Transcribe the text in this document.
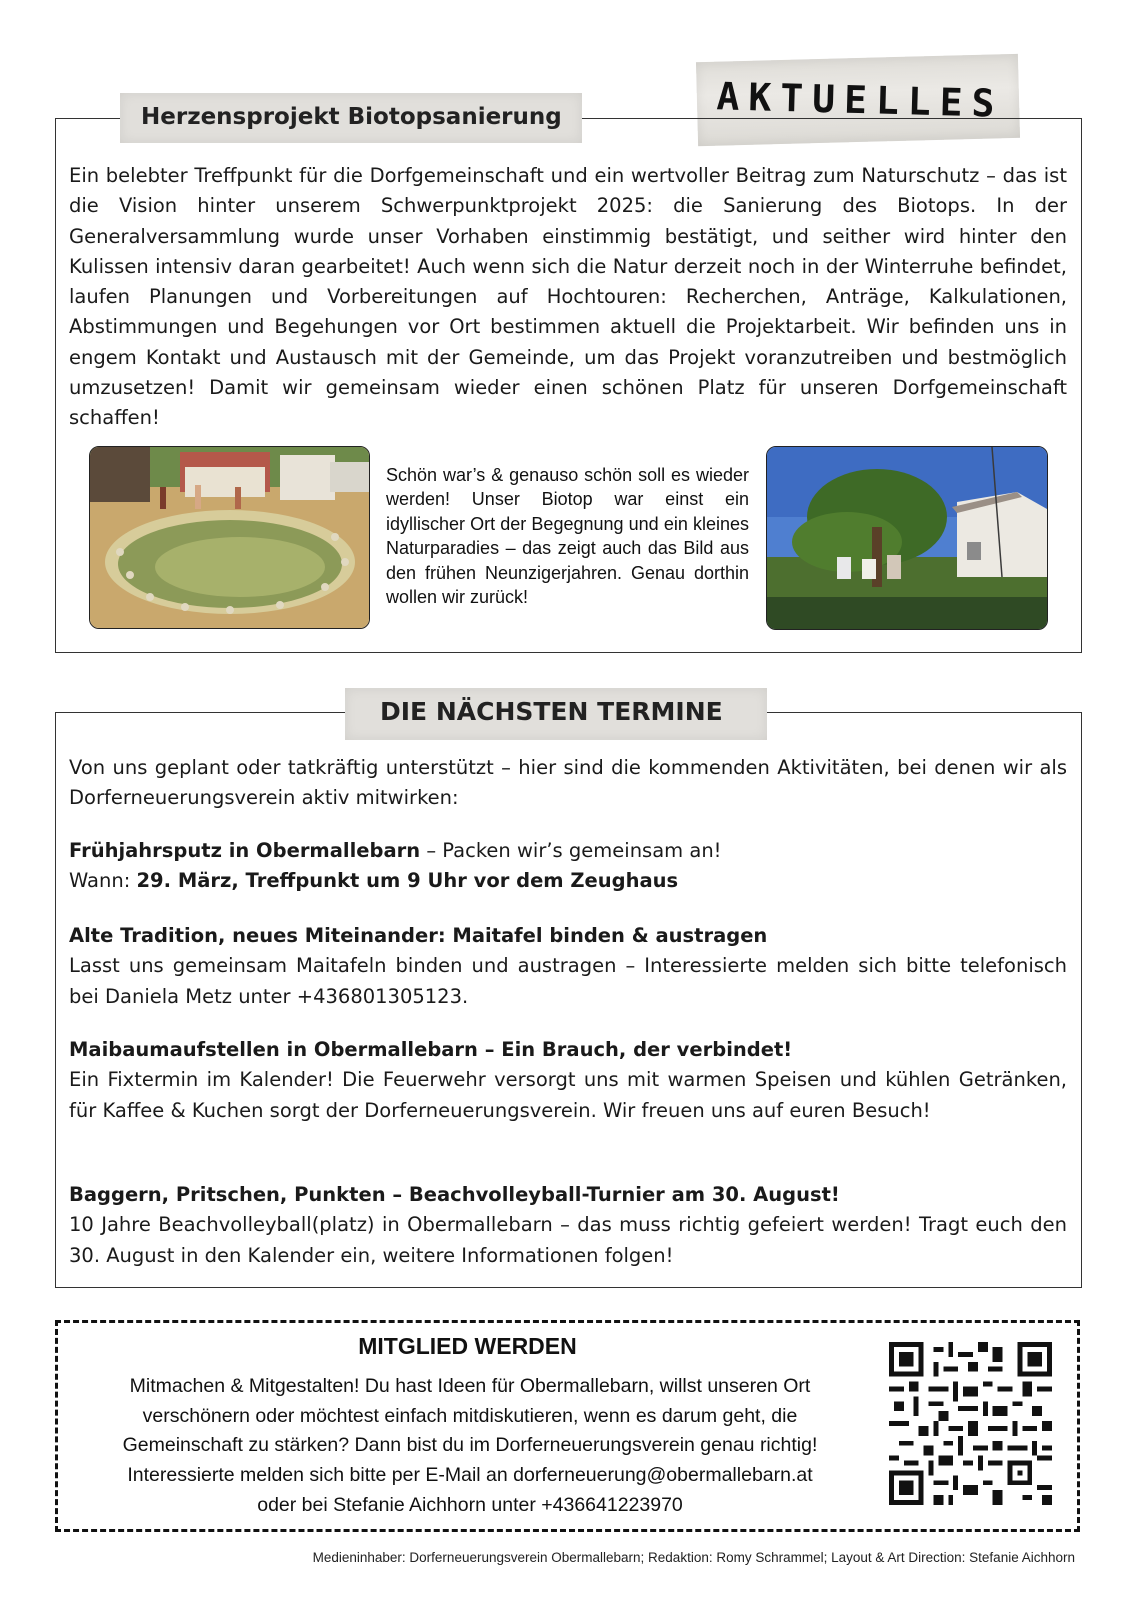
AKTUELLES
Herzensprojekt Biotopsanierung
Ein belebter Treffpunkt für die Dorfgemeinschaft und ein wertvoller Beitrag zum Naturschutz – das ist die Vision hinter unserem Schwerpunktprojekt 2025: die Sanierung des Biotops. In der Generalversammlung wurde unser Vorhaben einstimmig bestätigt, und seither wird hinter den Kulissen intensiv daran gearbeitet! Auch wenn sich die Natur derzeit noch in der Winterruhe befindet, laufen Planungen und Vorbereitungen auf Hochtouren: Recherchen, Anträge, Kalkulationen, Abstimmungen und Begehungen vor Ort bestimmen aktuell die Projektarbeit. Wir befinden uns in engem Kontakt und Austausch mit der Gemeinde, um das Projekt voranzutreiben und bestmöglich umzusetzen! Damit wir gemeinsam wieder einen schönen Platz für unseren Dorfgemeinschaft schaffen!
Schön war’s & genauso schön soll es wieder werden! Unser Biotop war einst ein idyllischer Ort der Begegnung und ein kleines Naturparadies – das zeigt auch das Bild aus den frühen Neunzigerjahren. Genau dorthin wollen wir zurück!
DIE NÄCHSTEN TERMINE
Von uns geplant oder tatkräftig unterstützt – hier sind die kommenden Aktivitäten, bei denen wir als Dorferneuerungsverein aktiv mitwirken:
Frühjahrsputz in Obermallebarn – Packen wir’s gemeinsam an!
Wann: 29. März, Treffpunkt um 9 Uhr vor dem Zeughaus
Alte Tradition, neues Miteinander: Maitafel binden & austragen
Lasst uns gemeinsam Maitafeln binden und austragen – Interessierte melden sich bitte telefonisch bei Daniela Metz unter +436801305123.
Maibaumaufstellen in Obermallebarn – Ein Brauch, der verbindet!
Ein Fixtermin im Kalender! Die Feuerwehr versorgt uns mit warmen Speisen und kühlen Getränken, für Kaffee & Kuchen sorgt der Dorferneuerungsverein. Wir freuen uns auf euren Besuch!
Baggern, Pritschen, Punkten – Beachvolleyball-Turnier am 30. August!
10 Jahre Beachvolleyball(platz) in Obermallebarn – das muss richtig gefeiert werden! Tragt euch den 30. August in den Kalender ein, weitere Informationen folgen!
MITGLIED WERDEN
Mitmachen & Mitgestalten! Du hast Ideen für Obermallebarn, willst unseren Ort
verschönern oder möchtest einfach mitdiskutieren, wenn es darum geht, die
Gemeinschaft zu stärken? Dann bist du im Dorferneuerungsverein genau richtig!
Interessierte melden sich bitte per E-Mail an dorferneuerung@obermallebarn.at
oder bei Stefanie Aichhorn unter +436641223970
Medieninhaber: Dorferneuerungsverein Obermallebarn; Redaktion: Romy Schrammel; Layout & Art Direction: Stefanie Aichhorn
